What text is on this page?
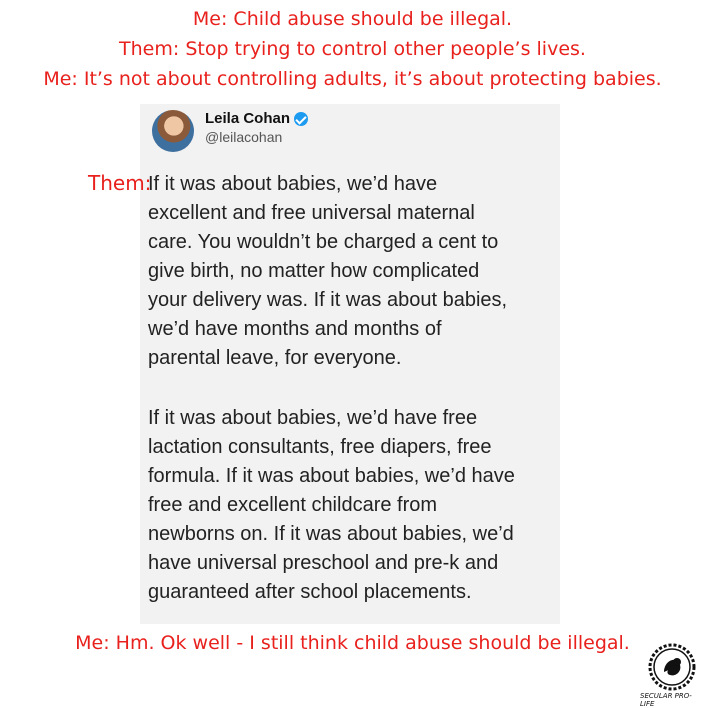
Me: Child abuse should be illegal.
Them: Stop trying to control other people’s lives.
Me: It’s not about controlling adults, it’s about protecting babies.
Leila Cohan
@leilacohan
Them:
If it was about babies, we’d have
excellent and free universal maternal
care. You wouldn’t be charged a cent to
give birth, no matter how complicated
your delivery was. If it was about babies,
we’d have months and months of
parental leave, for everyone.
If it was about babies, we’d have free
lactation consultants, free diapers, free
formula. If it was about babies, we’d have
free and excellent childcare from
newborns on. If it was about babies, we’d
have universal preschool and pre-k and
guaranteed after school placements.
Me: Hm. Ok well - I still think child abuse should be illegal.
SECULAR PRO-LIFE
